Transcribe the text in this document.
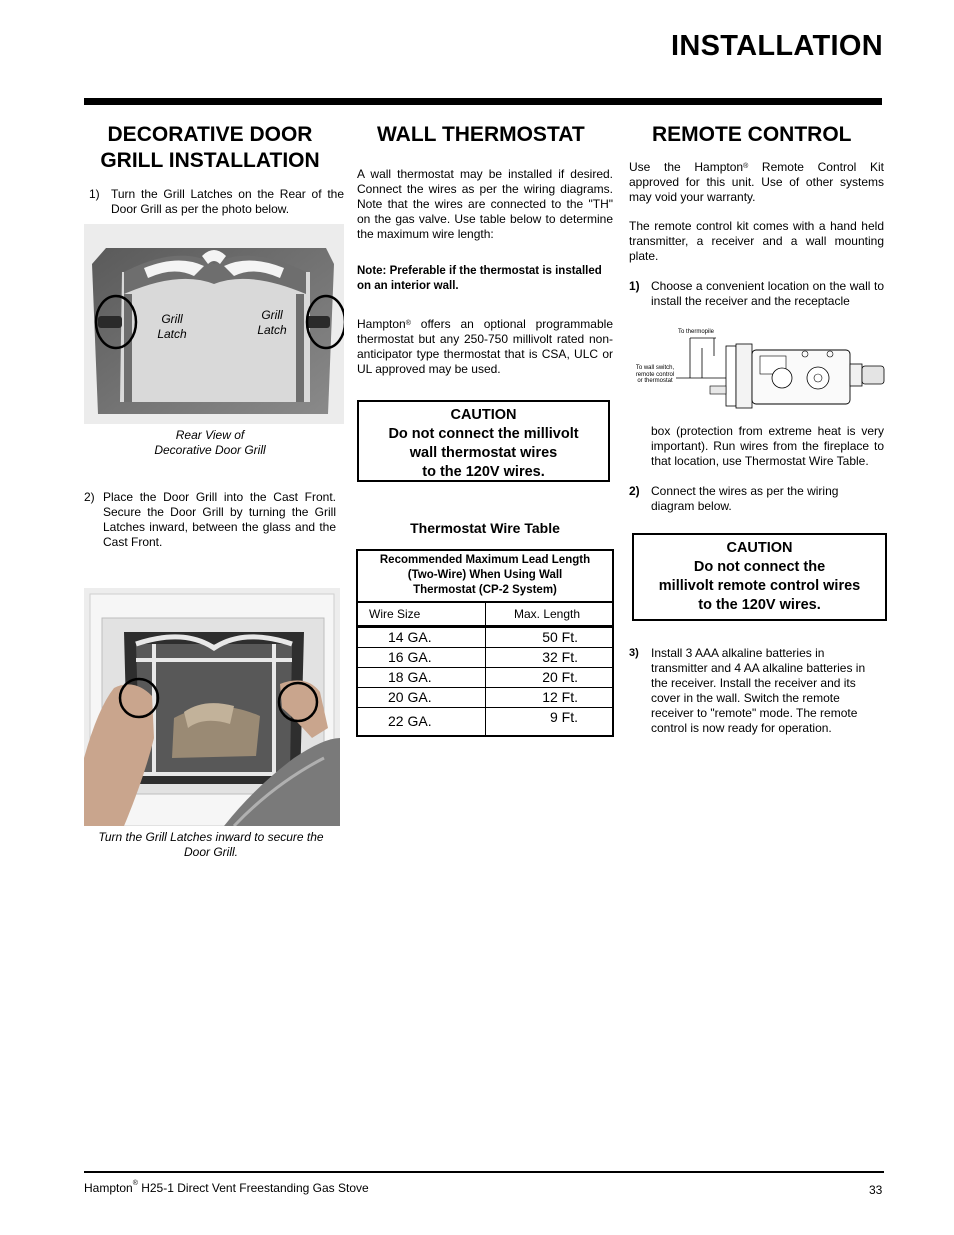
INSTALLATION
DECORATIVE DOOR
GRILL INSTALLATION
1) Turn the Grill Latches on the Rear of the Door Grill as per the photo below.
Grill
Latch
Grill
Latch
Rear View of
Decorative Door Grill
2) Place the Door Grill into the Cast Front. Secure the Door Grill by turning the Grill Latches inward, between the glass and the Cast Front.
Turn the Grill Latches inward to secure the
Door Grill.
WALL THERMOSTAT
A wall thermostat may be installed if desired. Connect the wires as per the wiring diagrams. Note that the wires are connected to the "TH" on the gas valve. Use table below to determine the maximum wire length:
Note: Preferable if the thermostat is installed on an interior wall.
Hampton® offers an optional programmable thermostat but any 250-750 millivolt rated non-anticipator type thermostat that is CSA, ULC or UL approved may be used.
CAUTION
Do not connect the millivolt
wall thermostat wires
to the 120V wires.
Thermostat Wire Table
Recommended Maximum Lead Length
(Two-Wire) When Using Wall
Thermostat (CP-2 System)	
Wire Size	Max. Length
14 GA.	50 Ft.
16 GA.	32 Ft.
18 GA.	20 Ft.
20 GA.	12 Ft.
22 GA.	9 Ft.
REMOTE CONTROL
Use the Hampton® Remote Control Kit approved for this unit. Use of other systems may void your warranty.
The remote control kit comes with a hand held transmitter, a receiver and a wall mounting plate.
1) Choose a convenient location on the wall to install the receiver and the receptacle
To thermopile
To wall switch,
remote control
or thermostat
box (protection from extreme heat is very important). Run wires from the fireplace to that location, use Thermostat Wire Table.
2) Connect the wires as per the wiring diagram below.
CAUTION
Do not connect the
millivolt remote control wires
to the 120V wires.
3) Install 3 AAA alkaline batteries in transmitter and 4 AA alkaline batteries in the receiver. Install the receiver and its cover in the wall. Switch the remote receiver to "remote" mode. The remote control is now ready for operation.
Hampton® H25-1 Direct Vent Freestanding Gas Stove	33
